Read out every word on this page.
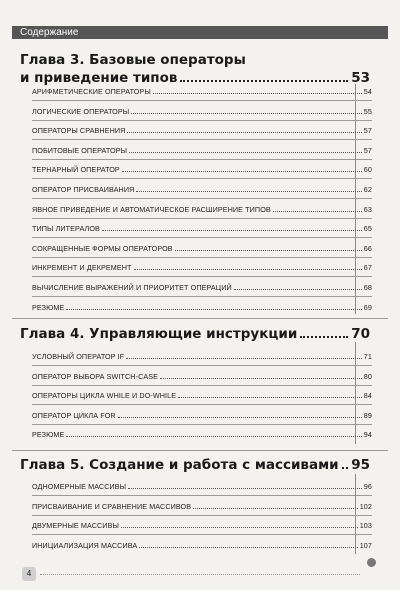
Содержание
Глава 3. Базовые операторы
и приведение типов	53
АРИФМЕТИЧЕСКИЕ ОПЕРАТОРЫ	54
ЛОГИЧЕСКИЕ ОПЕРАТОРЫ	55
ОПЕРАТОРЫ СРАВНЕНИЯ	57
ПОБИТОВЫЕ ОПЕРАТОРЫ	57
ТЕРНАРНЫЙ ОПЕРАТОР	60
ОПЕРАТОР ПРИСВАИВАНИЯ	62
ЯВНОЕ ПРИВЕДЕНИЕ И АВТОМАТИЧЕСКОЕ РАСШИРЕНИЕ ТИПОВ	63
ТИПЫ ЛИТЕРАЛОВ	65
СОКРАЩЕННЫЕ ФОРМЫ ОПЕРАТОРОВ	66
ИНКРЕМЕНТ И ДЕКРЕМЕНТ	67
ВЫЧИСЛЕНИЕ ВЫРАЖЕНИЙ И ПРИОРИТЕТ ОПЕРАЦИЙ	68
РЕЗЮМЕ	69
Глава 4. Управляющие инструкции	70
УСЛОВНЫЙ ОПЕРАТОР IF	71
ОПЕРАТОР ВЫБОРА SWITCH-CASE	80
ОПЕРАТОРЫ ЦИКЛА WHILE И DO-WHILE	84
ОПЕРАТОР ЦИКЛА FOR	89
РЕЗЮМЕ	94
Глава 5. Создание и работа с массивами 95
ОДНОМЕРНЫЕ МАССИВЫ	96
ПРИСВАИВАНИЕ И СРАВНЕНИЕ МАССИВОВ	102
ДВУМЕРНЫЕ МАССИВЫ	103
ИНИЦИАЛИЗАЦИЯ МАССИВА	107
4
